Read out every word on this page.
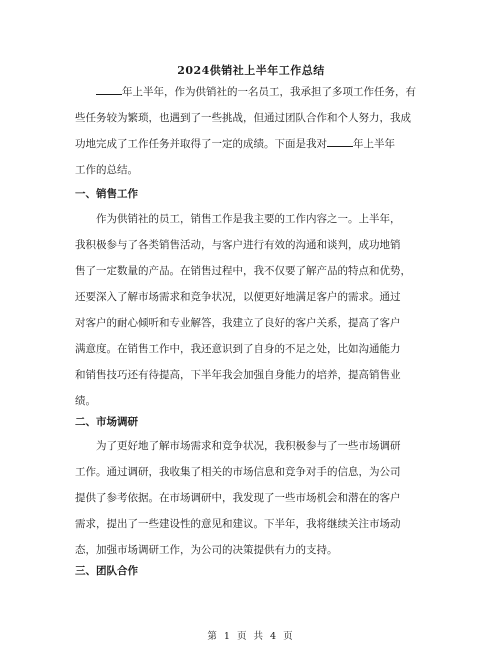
2024供销社上半年工作总结
年上半年，作为供销社的一名员工，我承担了多项工作任务，有
些任务较为繁琐，也遇到了一些挑战，但通过团队合作和个人努力，我成
功地完成了工作任务并取得了一定的成绩。下面是我对 年上半年
工作的总结。
一、销售工作
作为供销社的员工，销售工作是我主要的工作内容之一。上半年，
我积极参与了各类销售活动，与客户进行有效的沟通和谈判，成功地销
售了一定数量的产品。在销售过程中，我不仅要了解产品的特点和优势，
还要深入了解市场需求和竞争状况，以便更好地满足客户的需求。通过
对客户的耐心倾听和专业解答，我建立了良好的客户关系，提高了客户
满意度。在销售工作中，我还意识到了自身的不足之处，比如沟通能力
和销售技巧还有待提高，下半年我会加强自身能力的培养，提高销售业
绩。
二、市场调研
为了更好地了解市场需求和竞争状况，我积极参与了一些市场调研
工作。通过调研，我收集了相关的市场信息和竞争对手的信息，为公司
提供了参考依据。在市场调研中，我发现了一些市场机会和潜在的客户
需求，提出了一些建设性的意见和建议。下半年，我将继续关注市场动
态，加强市场调研工作，为公司的决策提供有力的支持。
三、团队合作
第 1 页 共 4 页
